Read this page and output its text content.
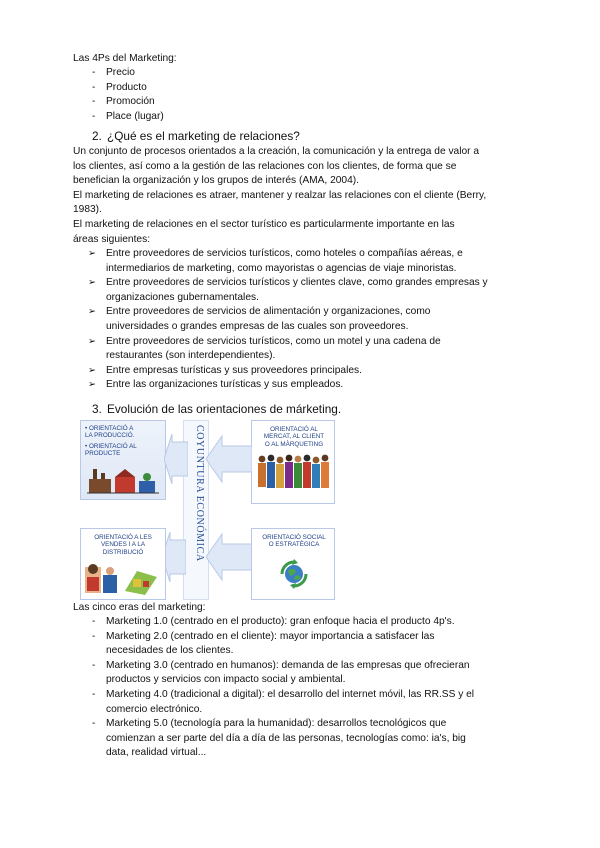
Las 4Ps del Marketing:
- Precio
- Producto
- Promoción
- Place (lugar)
2. ¿Qué es el marketing de relaciones?
Un conjunto de procesos orientados a la creación, la comunicación y la entrega de valor a
los clientes, así como a la gestión de las relaciones con los clientes, de forma que se
benefician la organización y los grupos de interés (AMA, 2004).
El marketing de relaciones es atraer, mantener y realzar las relaciones con el cliente (Berry,
1983).
El marketing de relaciones en el sector turístico es particularmente importante en las
áreas siguientes:
➢ Entre proveedores de servicios turísticos, como hoteles o compañías aéreas, e
intermediarios de marketing, como mayoristas o agencias de viaje minoristas.
➢ Entre proveedores de servicios turísticos y clientes clave, como grandes empresas y
organizaciones gubernamentales.
➢ Entre proveedores de servicios de alimentación y organizaciones, como
universidades o grandes empresas de las cuales son proveedores.
➢ Entre proveedores de servicios turísticos, como un motel y una cadena de
restaurantes (son interdependientes).
➢ Entre empresas turísticas y sus proveedores principales.
➢ Entre las organizaciones turísticas y sus empleados.
3. Evolución de las orientaciones de márketing.
• ORIENTACIÓ A
LA PRODUCCIÓ.
• ORIENTACIÓ AL
PRODUCTE
ORIENTACIÓ AL
MERCAT, AL CLIENT
O AL MÀRQUETING
COYUNTURA ECONÓMICA
ORIENTACIÓ A LES
VENDES I A LA
DISTRIBUCIÓ
ORIENTACIÓ SOCIAL
O ESTRATÈGICA
Las cinco eras del marketing:
- Marketing 1.0 (centrado en el producto): gran enfoque hacia el producto 4p's.
- Marketing 2.0 (centrado en el cliente): mayor importancia a satisfacer las
necesidades de los clientes.
- Marketing 3.0 (centrado en humanos): demanda de las empresas que ofrecieran
productos y servicios con impacto social y ambiental.
- Marketing 4.0 (tradicional a digital): el desarrollo del internet móvil, las RR.SS y el
comercio electrónico.
- Marketing 5.0 (tecnología para la humanidad): desarrollos tecnológicos que
comienzan a ser parte del día a día de las personas, tecnologías como: ia's, big
data, realidad virtual...
